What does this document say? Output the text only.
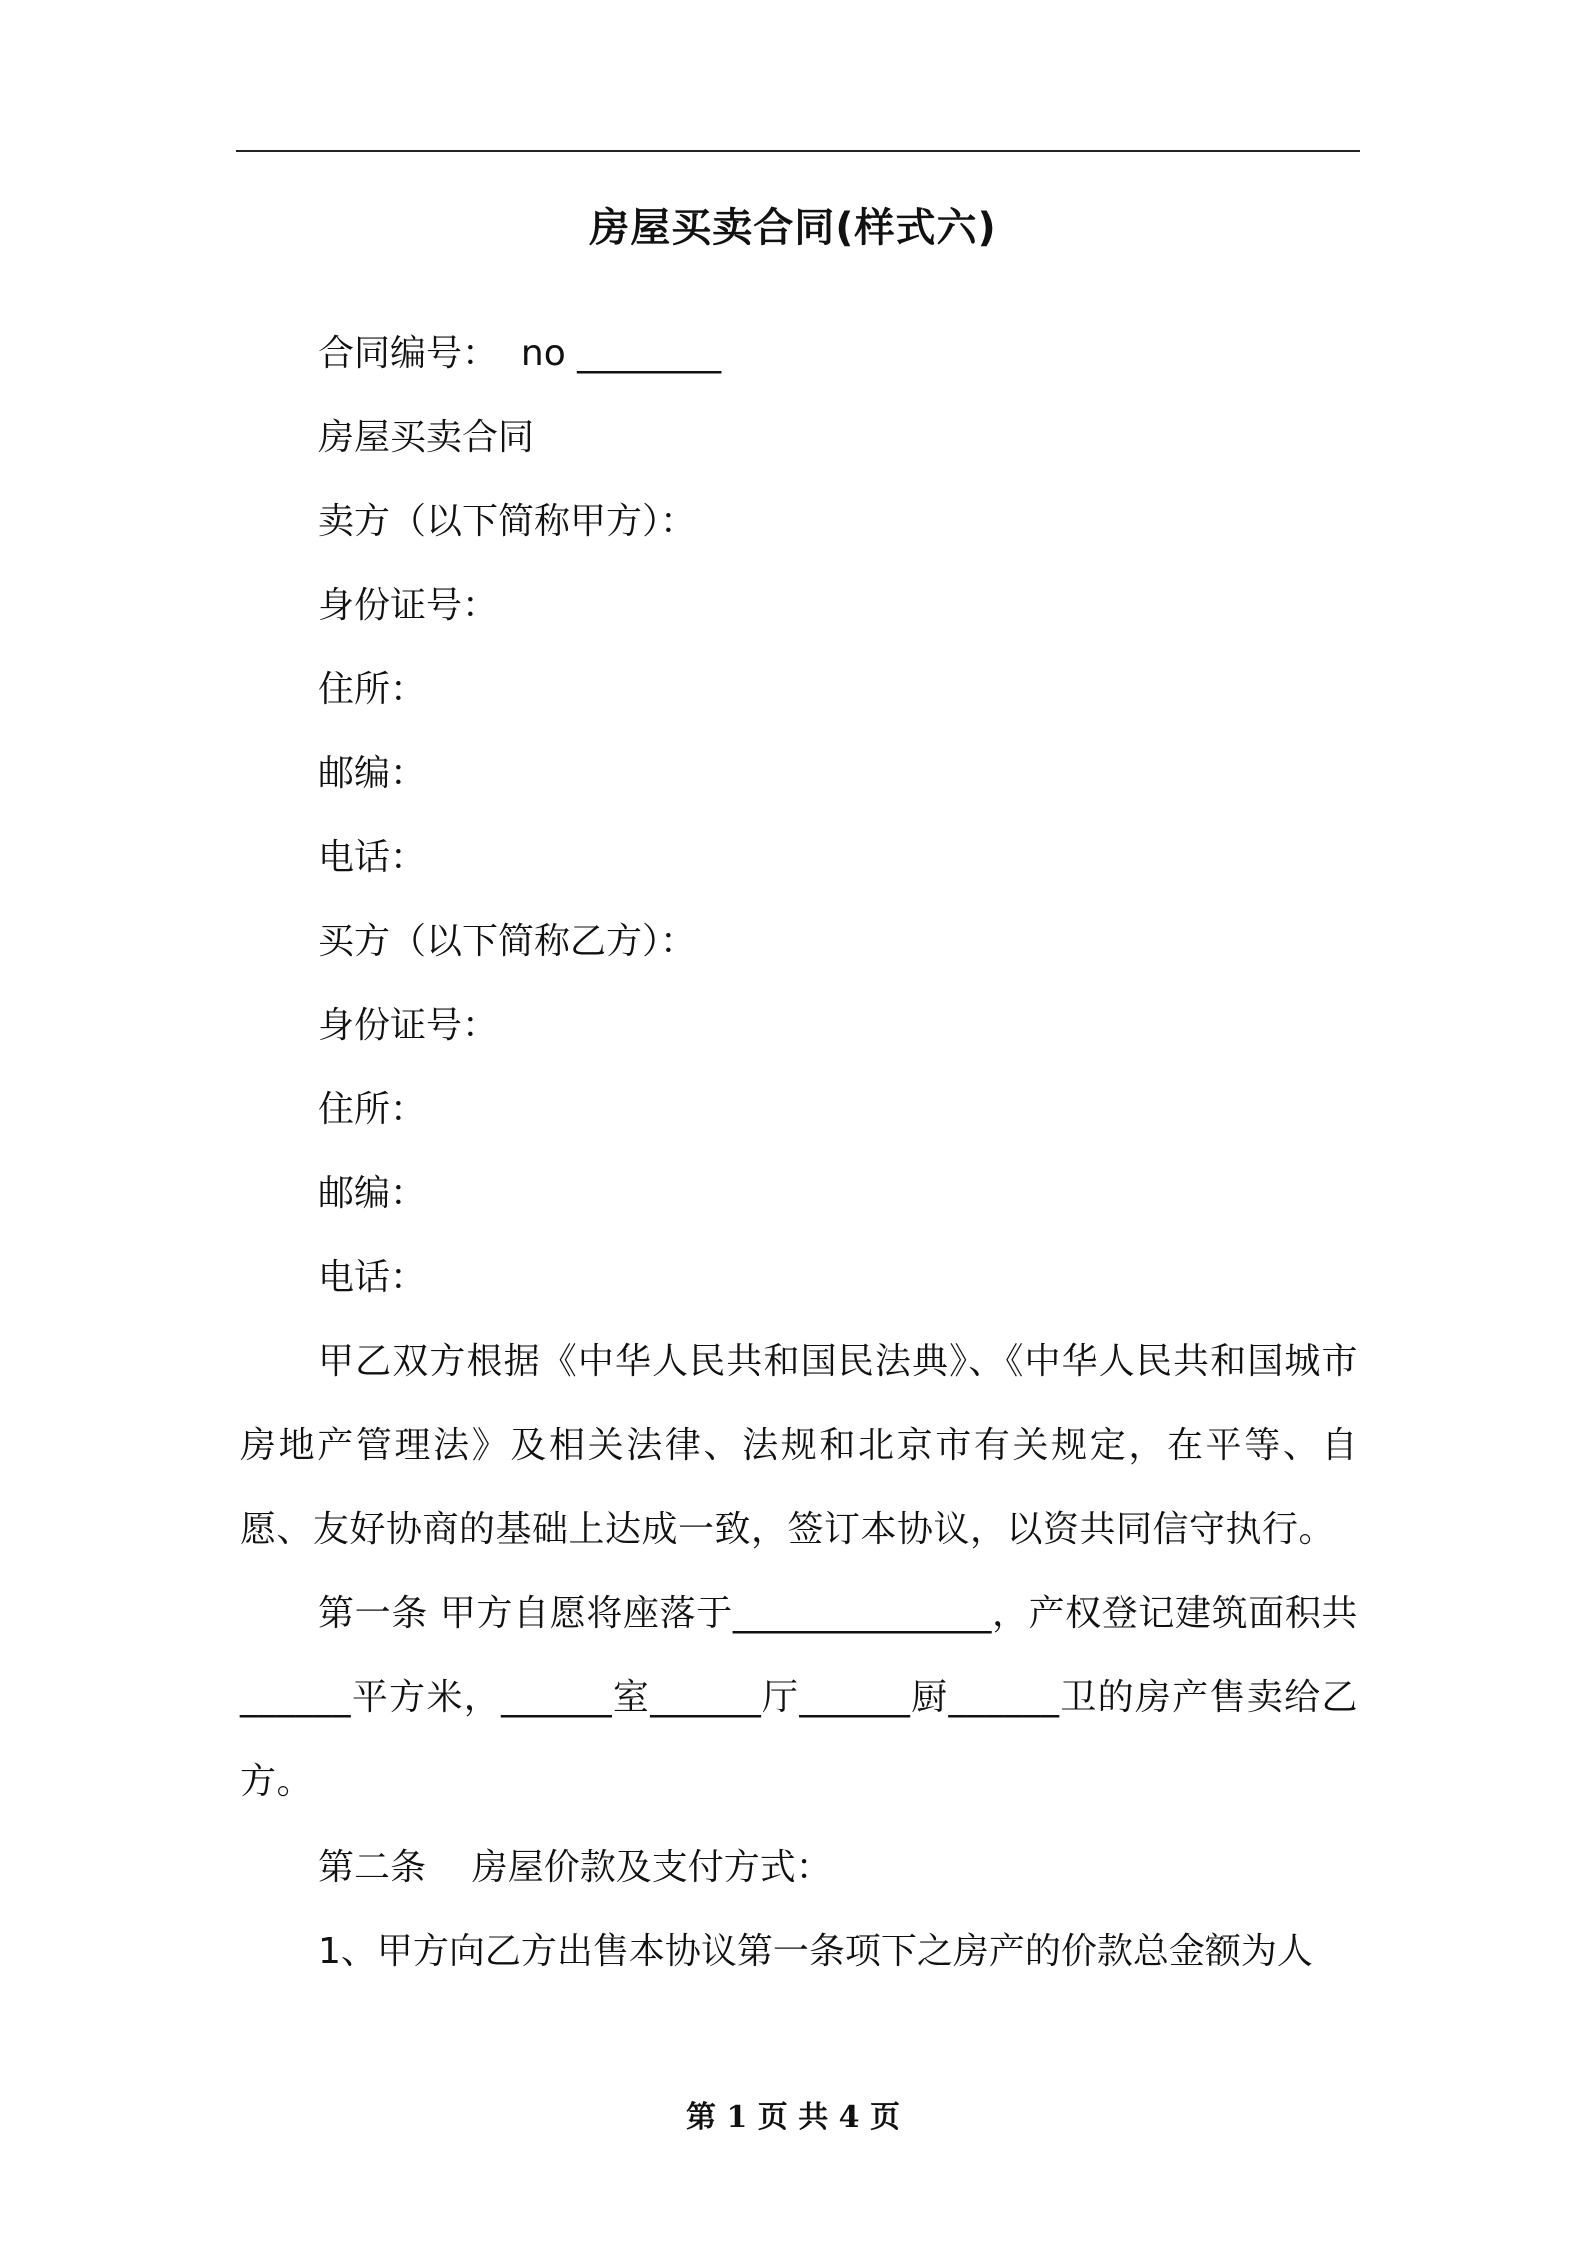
房屋买卖合同(样式六)
合同编号：  no ________
房屋买卖合同
卖方（以下简称甲方）：
身份证号：
住所：
邮编：
电话：
买方（以下简称乙方）：
身份证号：
住所：
邮编：
电话：
甲乙双方根据《中华人民共和国民法典》、《中华人民共和国城市房地产管理法》及相关法律、法规和北京市有关规定，在平等、自愿、友好协商的基础上达成一致，签订本协议，以资共同信守执行。
第一条 甲方自愿将座落于______________，产权登记建筑面积共______平方米，______室______厅______厨______卫的房产售卖给乙方。
第二条    房屋价款及支付方式：
1、甲方向乙方出售本协议第一条项下之房产的价款总金额为人
第 1 页 共 4 页
